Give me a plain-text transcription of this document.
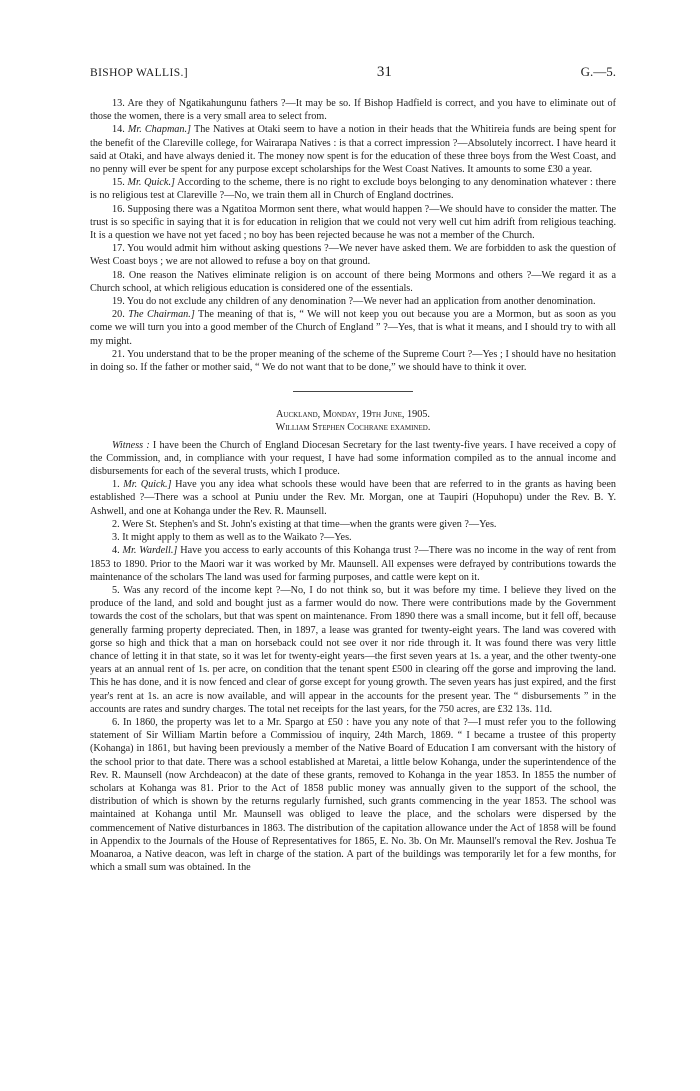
BISHOP WALLIS.]	31	G.—5.

13. Are they of Ngatikahungunu fathers ?—It may be so. If Bishop Hadfield is correct, and you have to eliminate out of those the women, there is a very small area to select from.

14. Mr. Chapman.] The Natives at Otaki seem to have a notion in their heads that the Whitireia funds are being spent for the benefit of the Clareville college, for Wairarapa Natives : is that a correct impression ?—Absolutely incorrect. I have heard it said at Otaki, and have always denied it. The money now spent is for the education of these three boys from the West Coast, and no penny will ever be spent for any purpose except scholarships for the West Coast Natives. It amounts to some £30 a year.

15. Mr. Quick.] According to the scheme, there is no right to exclude boys belonging to any denomination whatever : there is no religious test at Clareville ?—No, we train them all in Church of England doctrines.

16. Supposing there was a Ngatitoa Mormon sent there, what would happen ?—We should have to consider the matter. The trust is so specific in saying that it is for education in religion that we could not very well cut him adrift from religious teaching. It is a question we have not yet faced ; no boy has been rejected because he was not a member of the Church.

17. You would admit him without asking questions ?—We never have asked them. We are forbidden to ask the question of West Coast boys ; we are not allowed to refuse a boy on that ground.

18. One reason the Natives eliminate religion is on account of there being Mormons and others ?—We regard it as a Church school, at which religious education is considered one of the essentials.

19. You do not exclude any children of any denomination ?—We never had an application from another denomination.

20. The Chairman.] The meaning of that is, “ We will not keep you out because you are a Mormon, but as soon as you come we will turn you into a good member of the Church of England ” ?—Yes, that is what it means, and I should try to with all my might.

21. You understand that to be the proper meaning of the scheme of the Supreme Court ?—Yes ; I should have no hesitation in doing so. If the father or mother said, “ We do not want that to be done,” we should have to think it over.

Auckland, Monday, 19th June, 1905.

William Stephen Cochrane examined.

Witness : I have been the Church of England Diocesan Secretary for the last twenty-five years. I have received a copy of the Commission, and, in compliance with your request, I have had some information compiled as to the annual income and disbursements for each of the several trusts, which I produce.

1. Mr. Quick.] Have you any idea what schools these would have been that are referred to in the grants as having been established ?—There was a school at Puniu under the Rev. Mr. Morgan, one at Taupiri (Hopuhopu) under the Rev. B. Y. Ashwell, and one at Kohanga under the Rev. R. Maunsell.

2. Were St. Stephen's and St. John's existing at that time—when the grants were given ?—Yes.

3. It might apply to them as well as to the Waikato ?—Yes.

4. Mr. Wardell.] Have you access to early accounts of this Kohanga trust ?—There was no income in the way of rent from 1853 to 1890. Prior to the Maori war it was worked by Mr. Maunsell. All expenses were defrayed by contributions towards the maintenance of the scholars The land was used for farming purposes, and cattle were kept on it.

5. Was any record of the income kept ?—No, I do not think so, but it was before my time. I believe they lived on the produce of the land, and sold and bought just as a farmer would do now. There were contributions made by the Government towards the cost of the scholars, but that was spent on maintenance. From 1890 there was a small income, but it fell off, because generally farming property depreciated. Then, in 1897, a lease was granted for twenty-eight years. The land was covered with gorse so high and thick that a man on horseback could not see over it nor ride through it. It was found there was very little chance of letting it in that state, so it was let for twenty-eight years—the first seven years at 1s. a year, and the other twenty-one years at an annual rent of 1s. per acre, on condition that the tenant spent £500 in clearing off the gorse and improving the land. This he has done, and it is now fenced and clear of gorse except for young growth. The seven years has just expired, and the first year's rent at 1s. an acre is now available, and will appear in the accounts for the present year. The “ disbursements ” in the accounts are rates and sundry charges. The total net receipts for the last years, for the 750 acres, are £32 13s. 11d.

6. In 1860, the property was let to a Mr. Spargo at £50 : have you any note of that ?—I must refer you to the following statement of Sir William Martin before a Commissiou of inquiry, 24th March, 1869. “ I became a trustee of this property (Kohanga) in 1861, but having been previously a member of the Native Board of Education I am conversant with the history of the school prior to that date. There was a school established at Maretai, a little below Kohanga, under the superintendence of the Rev. R. Maunsell (now Archdeacon) at the date of these grants, removed to Kohanga in the year 1853. In 1855 the number of scholars at Kohanga was 81. Prior to the Act of 1858 public money was annually given to the support of the school, the distribution of which is shown by the returns regularly furnished, such grants commencing in the year 1853. The school was maintained at Kohanga until Mr. Maunsell was obliged to leave the place, and the scholars were dispersed by the commencement of Native disturbances in 1863. The distribution of the capitation allowance under the Act of 1858 will be found in Appendix to the Journals of the House of Representatives for 1865, E. No. 3b. On Mr. Maunsell's removal the Rev. Joshua Te Moanaroa, a Native deacon, was left in charge of the station. A part of the buildings was temporarily let for a few months, for which a small sum was obtained. In the
